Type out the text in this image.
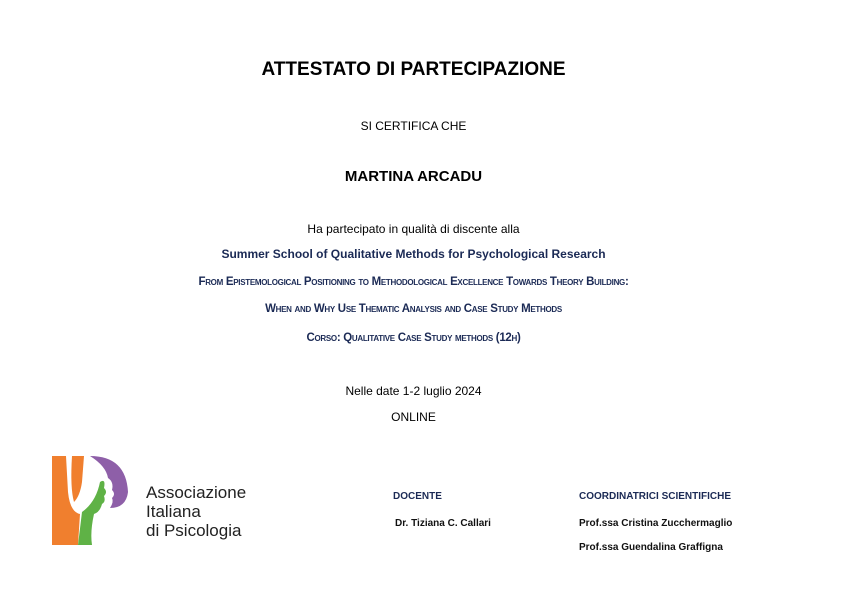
ATTESTATO DI PARTECIPAZIONE
SI CERTIFICA CHE
MARTINA ARCADU
Ha partecipato in qualità di discente alla
Summer School of Qualitative Methods for Psychological Research
From Epistemological Positioning to Methodological Excellence Towards Theory Building:
When and Why Use Thematic Analysis and Case Study Methods
Corso: Qualitative Case Study methods (12h)
Nelle date 1-2 luglio 2024
ONLINE
Associazione
Italiana
di Psicologia
DOCENTE
Dr. Tiziana C. Callari
COORDINATRICI SCIENTIFICHE
Prof.ssa Cristina Zucchermaglio
Prof.ssa Guendalina Graffigna
